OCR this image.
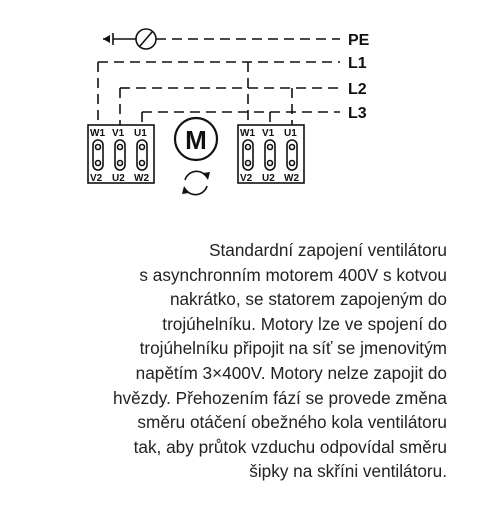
PE
L1
L2
L3
W1 V1 U1
V2 U2 W2
M	W1 V1 U1
V2 U2 W2

Standardní zapojení ventilátoru
s asynchronním motorem 400V s kotvou
nakrátko, se statorem zapojeným do
trojúhelníku. Motory lze ve spojení do
trojúhelníku připojit na síť se jmenovitým
napětím 3×400V. Motory nelze zapojit do
hvězdy. Přehozením fází se provede změna
směru otáčení obežného kola ventilátoru
tak, aby průtok vzduchu odpovídal směru
šipky na skříni ventilátoru.
